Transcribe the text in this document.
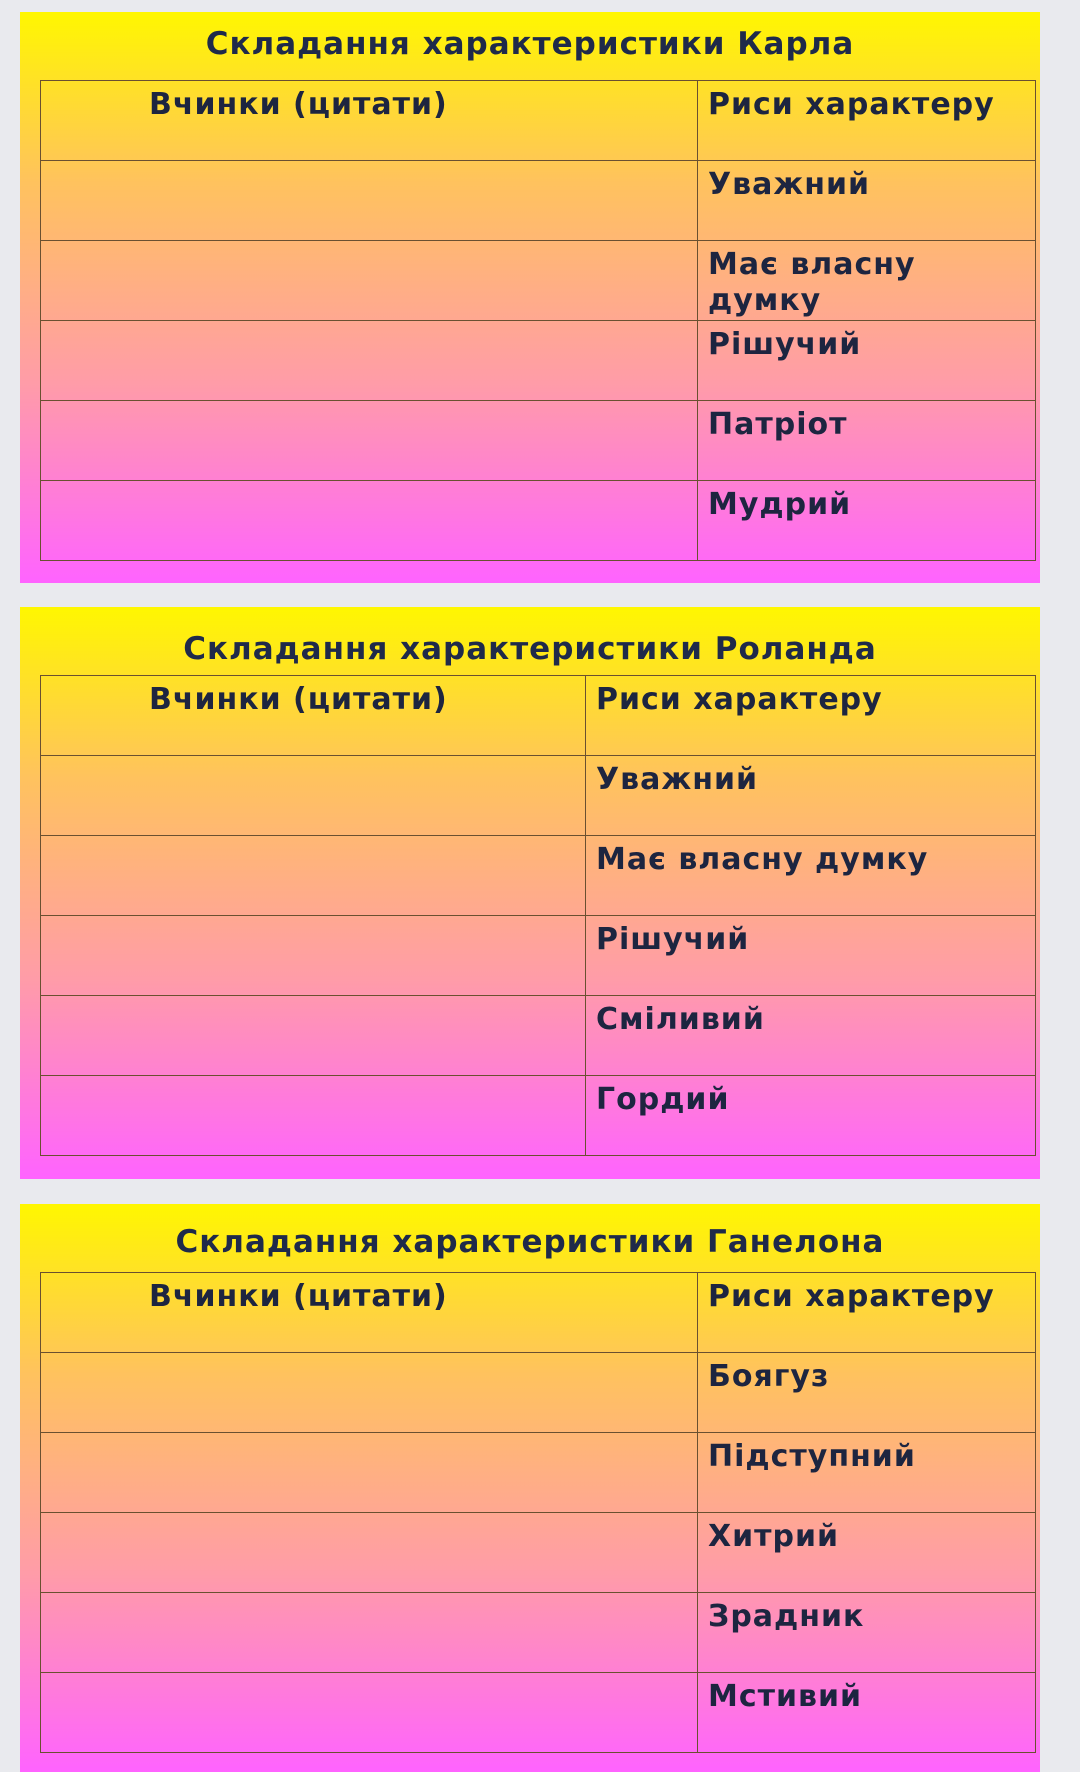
Складання характеристики Карла
Вчинки (цитати)	Риси характеру

	Уважний

	Має власну думку

	Рішучий

	Патріот

	Мудрий
Складання характеристики Роланда
Вчинки (цитати)	Риси характеру

	Уважний

	Має власну думку

	Рішучий

	Сміливий

	Гордий
Складання характеристики Ганелона
Вчинки (цитати)	Риси характеру

	Боягуз

	Підступний

	Хитрий

	Зрадник

	Мстивий
